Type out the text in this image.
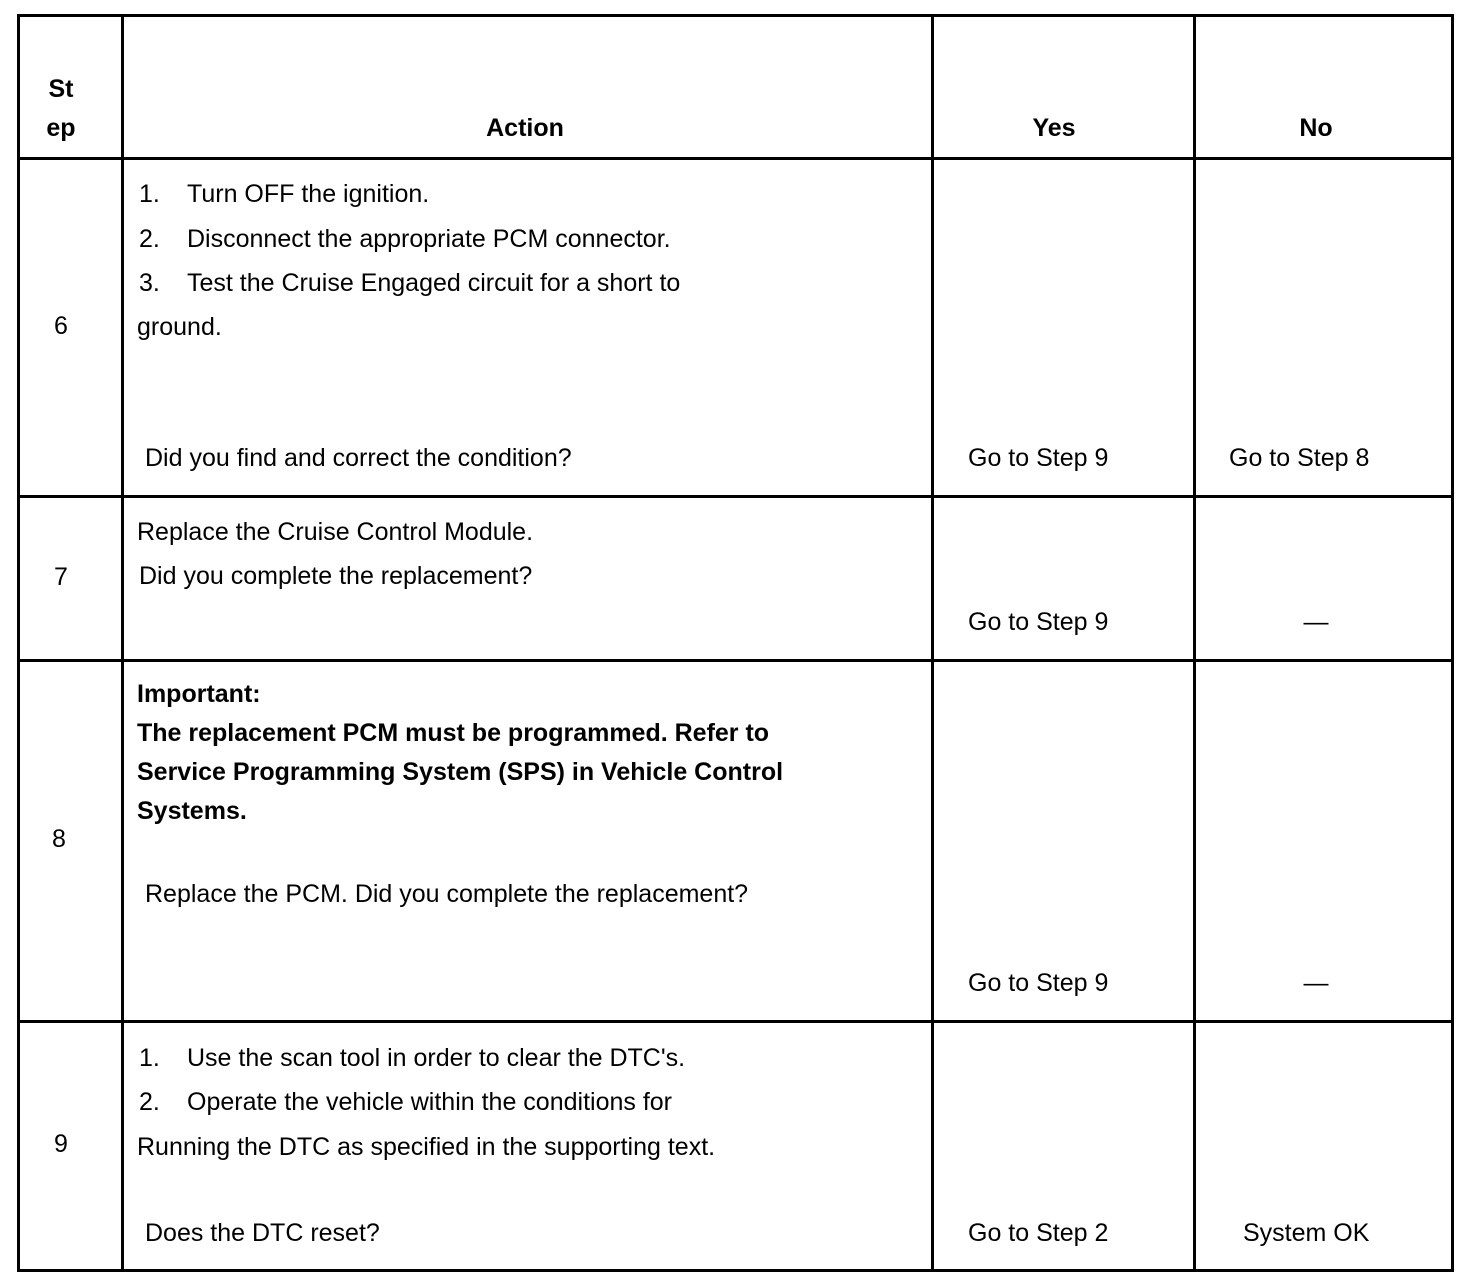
St
ep	Action	Yes	No
6
1. Turn OFF the ignition.
2. Disconnect the appropriate PCM connector.
3. Test the Cruise Engaged circuit for a short to
ground.
Did you find and correct the condition?	Go to Step 9	Go to Step 8
7
Replace the Cruise Control Module.
Did you complete the replacement?
Go to Step 9	—
8
Important:
The replacement PCM must be programmed. Refer to
Service Programming System (SPS) in Vehicle Control
Systems.
Replace the PCM. Did you complete the replacement?
Go to Step 9	—
9
1. Use the scan tool in order to clear the DTC's.
2. Operate the vehicle within the conditions for
Running the DTC as specified in the supporting text.
Does the DTC reset?	Go to Step 2	System OK
